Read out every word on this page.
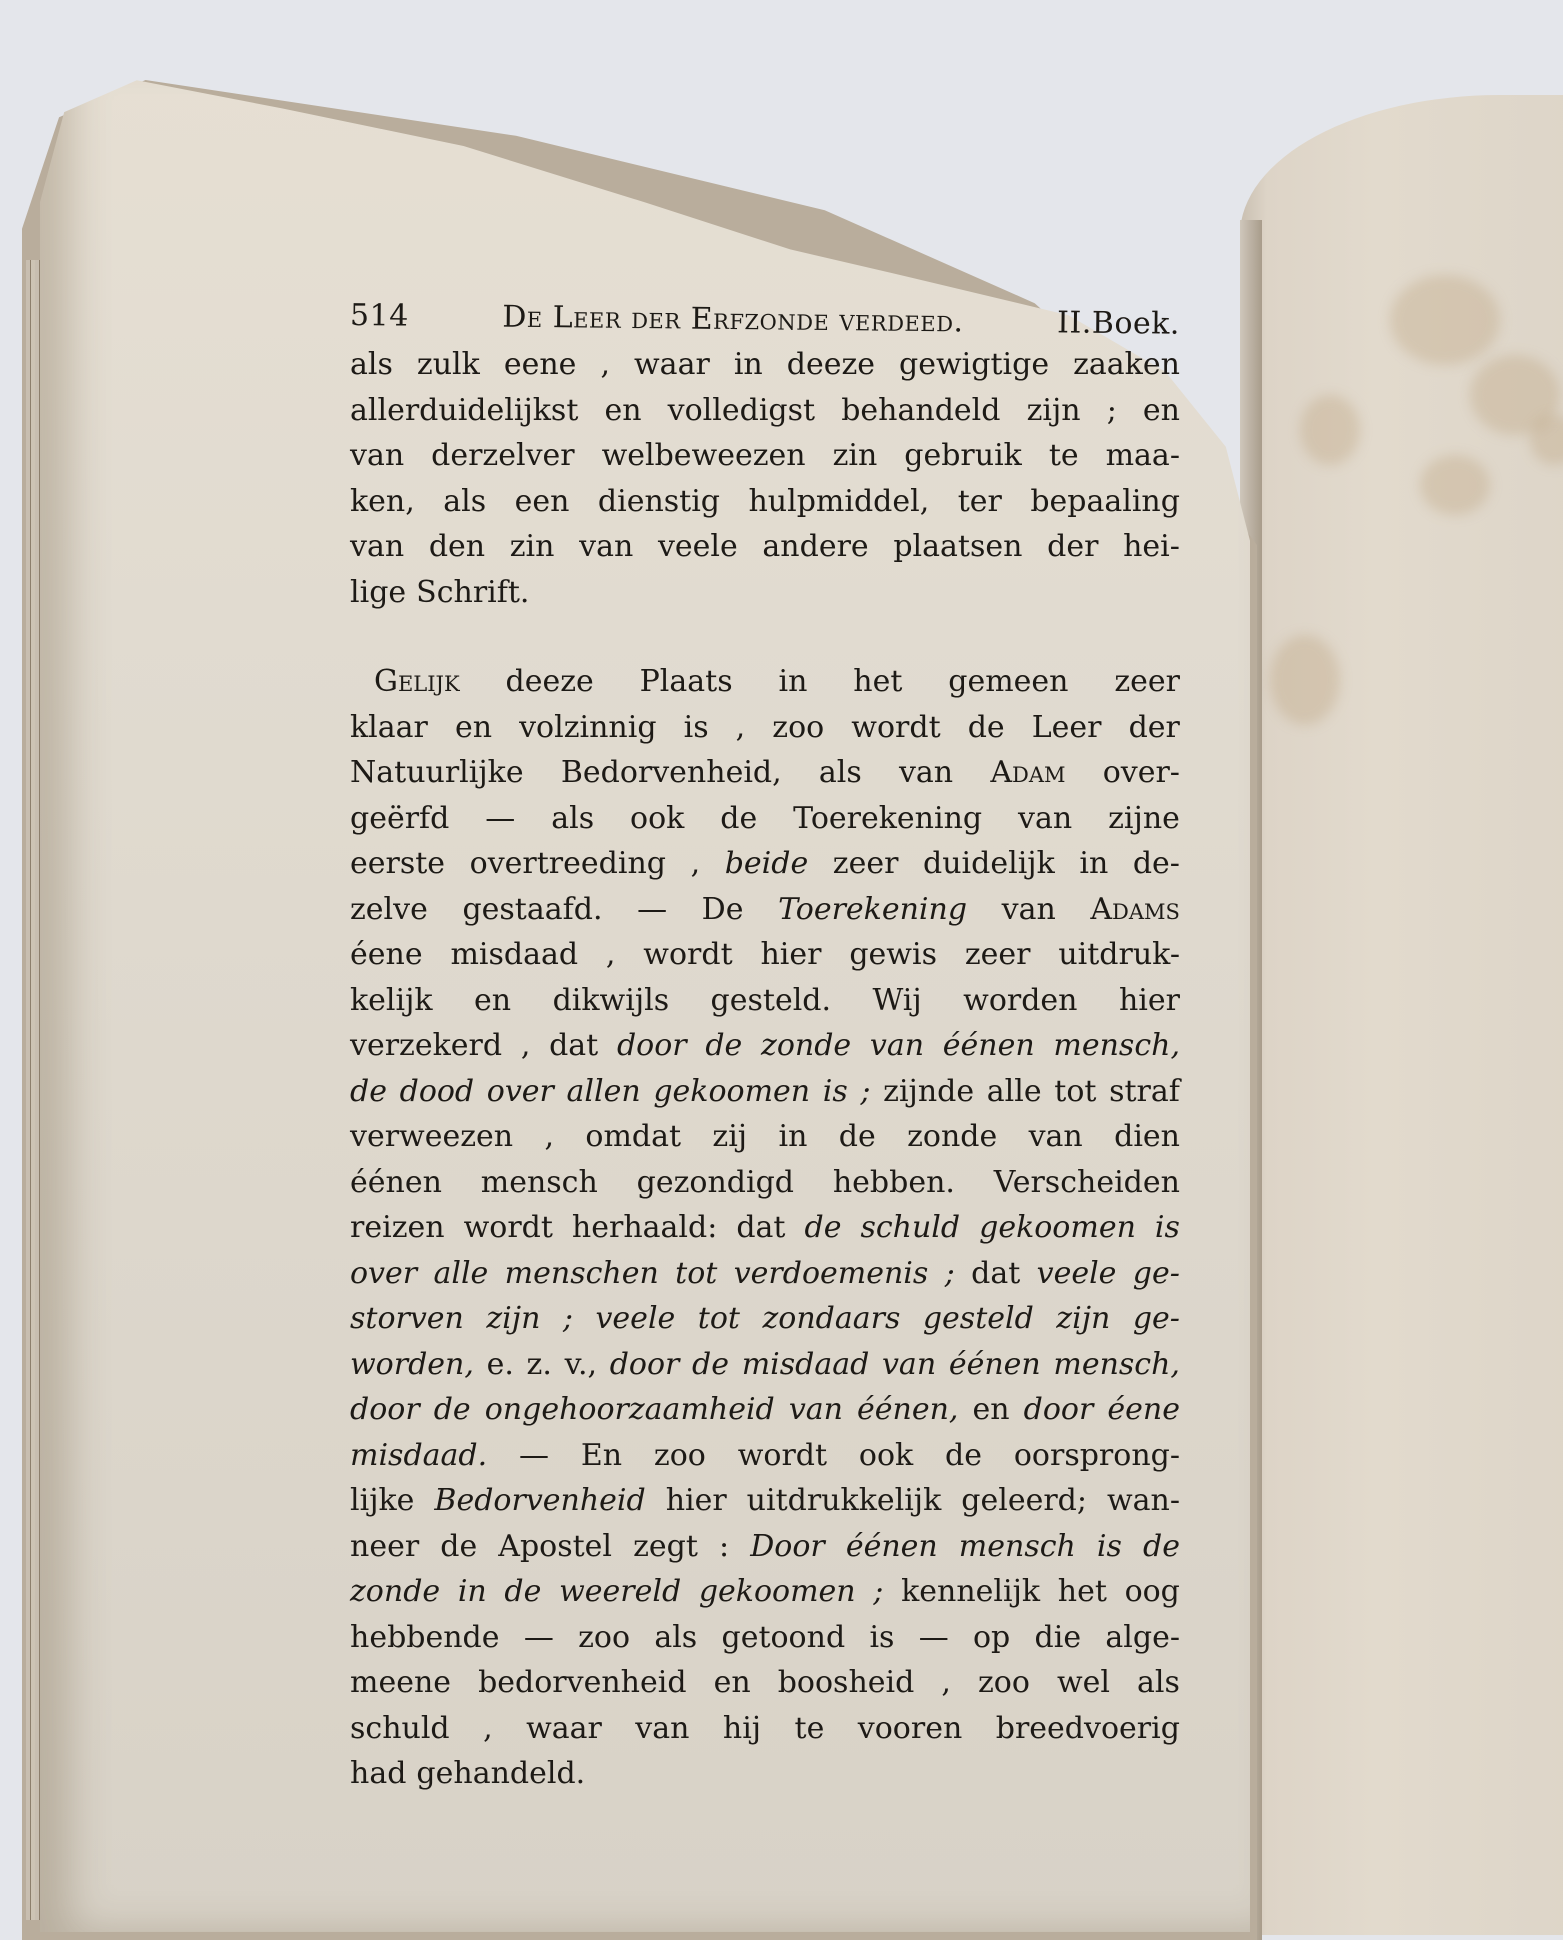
514	De Leer der Erfzonde verdeed.	II.Boek.
als zulk eene , waar in deeze gewigtige zaaken
allerduidelijkst en volledigst behandeld zijn ; en
van derzelver welbeweezen zin gebruik te maa-
ken, als een dienstig hulpmiddel, ter bepaaling
van den zin van veele andere plaatsen der hei-
lige Schrift.
Gelijk deeze Plaats in het gemeen zeer
klaar en volzinnig is , zoo wordt de Leer der
Natuurlijke Bedorvenheid, als van Adam over-
geërfd — als ook de Toerekening van zijne
eerste overtreeding , beide zeer duidelijk in de-
zelve gestaafd. — De Toerekening van Adams
éene misdaad , wordt hier gewis zeer uitdruk-
kelijk en dikwijls gesteld. Wij worden hier
verzekerd , dat door de zonde van éénen mensch,
de dood over allen gekoomen is ; zijnde alle tot straf
verweezen , omdat zij in de zonde van dien
éénen mensch gezondigd hebben. Verscheiden
reizen wordt herhaald: dat de schuld gekoomen is
over alle menschen tot verdoemenis ; dat veele ge-
storven zijn ; veele tot zondaars gesteld zijn ge-
worden, e. z. v., door de misdaad van éénen mensch,
door de ongehoorzaamheid van éénen, en door éene
misdaad. — En zoo wordt ook de oorsprong-
lijke Bedorvenheid hier uitdrukkelijk geleerd; wan-
neer de Apostel zegt : Door éénen mensch is de
zonde in de weereld gekoomen ; kennelijk het oog
hebbende — zoo als getoond is — op die alge-
meene bedorvenheid en boosheid , zoo wel als
schuld , waar van hij te vooren breedvoerig
had gehandeld.
